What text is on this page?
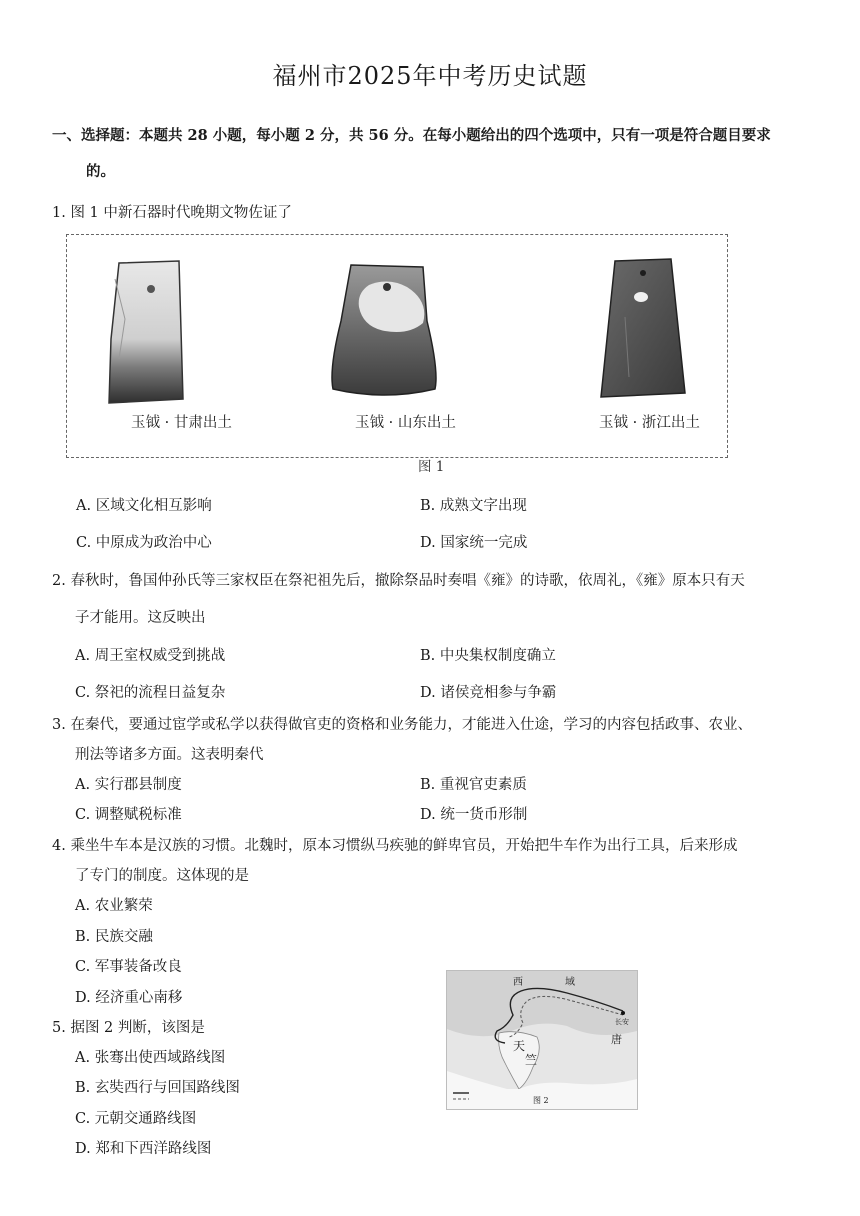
福州市2025年中考历史试题
一、选择题：本题共 28 小题，每小题 2 分，共 56 分。在每小题给出的四个选项中，只有一项是符合题目要求
的。
1. 图 1 中新石器时代晚期文物佐证了
玉钺 · 甘肃出土	玉钺 · 山东出土	玉钺 · 浙江出土
图 1
A. 区域文化相互影响	B. 成熟文字出现
C. 中原成为政治中心	D. 国家统一完成
2. 春秋时，鲁国仲孙氏等三家权臣在祭祀祖先后，撤除祭品时奏唱《雍》的诗歌，依周礼，《雍》原本只有天
子才能用。这反映出
A. 周王室权威受到挑战	B. 中央集权制度确立
C. 祭祀的流程日益复杂	D. 诸侯竞相参与争霸
3. 在秦代，要通过宦学或私学以获得做官吏的资格和业务能力，才能进入仕途，学习的内容包括政事、农业、
刑法等诸多方面。这表明秦代
A. 实行郡县制度	B. 重视官吏素质
C. 调整赋税标准	D. 统一货币形制
4. 乘坐牛车本是汉族的习惯。北魏时，原本习惯纵马疾驰的鲜卑官员，开始把牛车作为出行工具，后来形成
了专门的制度。这体现的是
A. 农业繁荣
B. 民族交融
C. 军事装备改良
D. 经济重心南移
5. 据图 2 判断，该图是
A. 张骞出使西域路线图
B. 玄奘西行与回国路线图
C. 元朝交通路线图
D. 郑和下西洋路线图
西	域
天
竺
唐
长安
图 2
